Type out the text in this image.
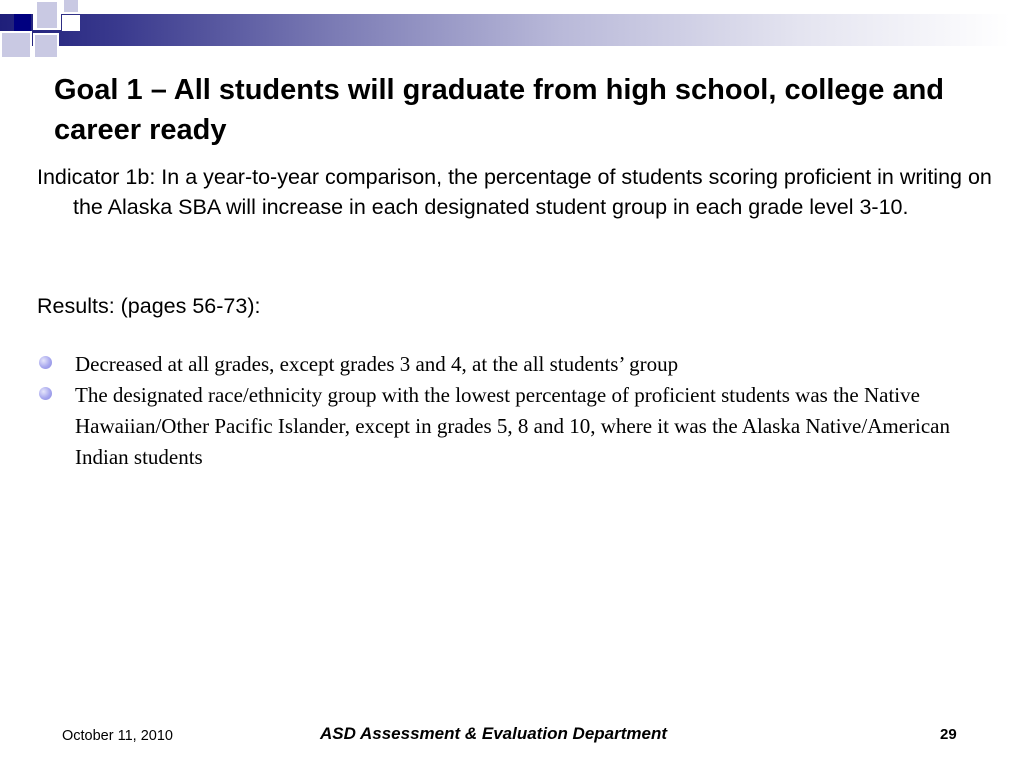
Goal 1 – All students will graduate from high school, college and career ready

Indicator 1b: In a year-to-year comparison, the percentage of students scoring proficient in writing on the Alaska SBA will increase in each designated student group in each grade level 3-10.

Results: (pages 56-73):

Decreased at all grades, except grades 3 and 4, at the all students’ group
The designated race/ethnicity group with the lowest percentage of proficient students was the Native Hawaiian/Other Pacific Islander, except in grades 5, 8 and 10, where it was the Alaska Native/American Indian students
October 11, 2010	ASD Assessment & Evaluation Department	29
